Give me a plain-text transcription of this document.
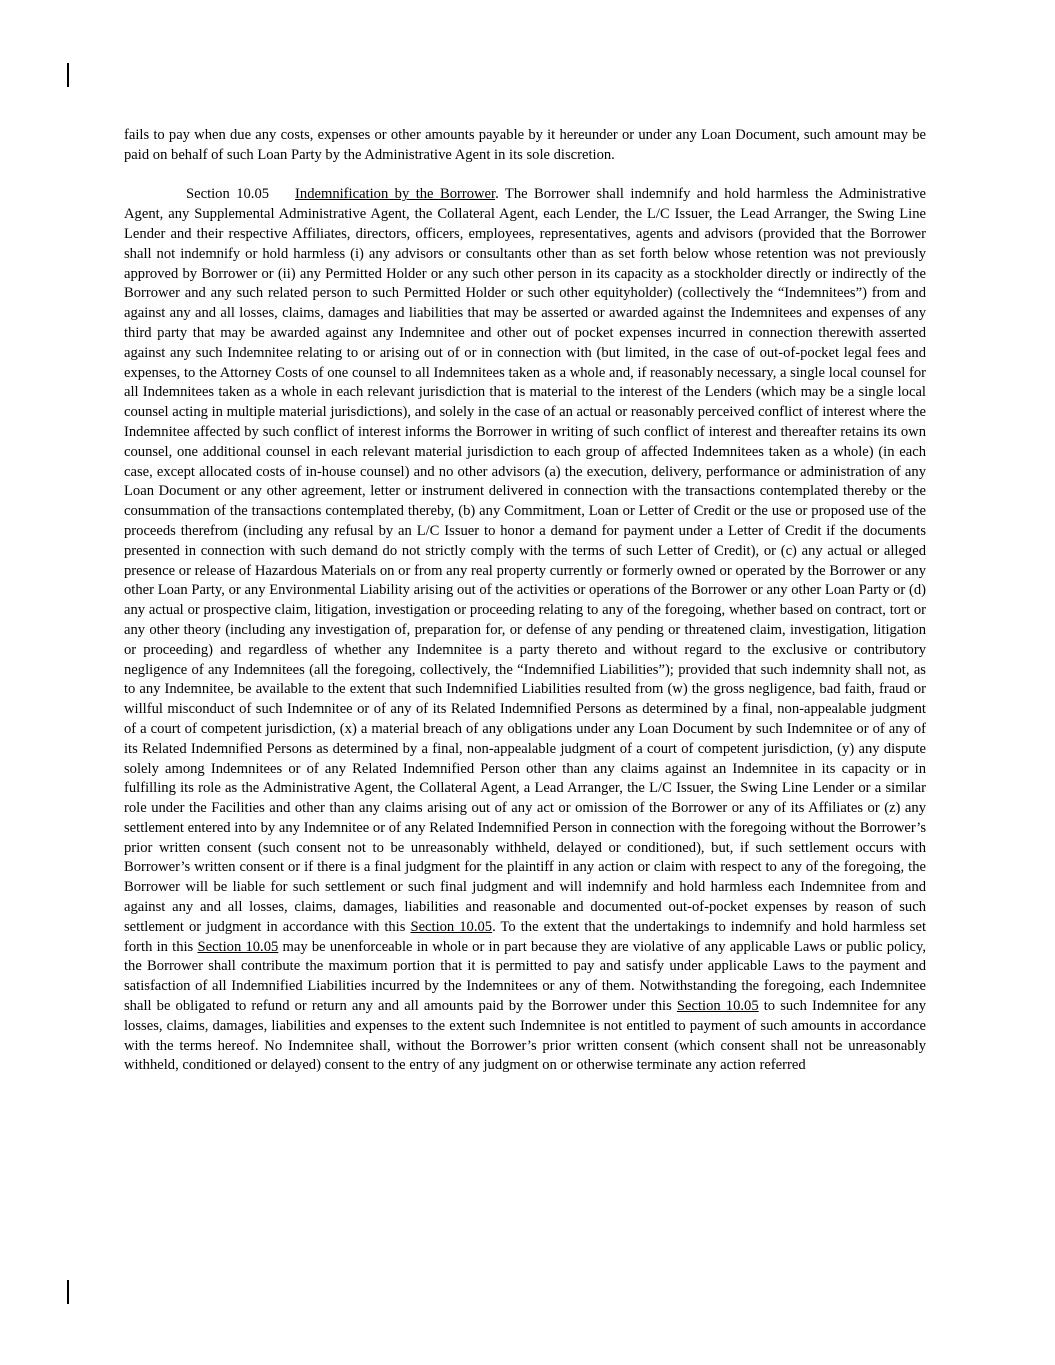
fails to pay when due any costs, expenses or other amounts payable by it hereunder or under any Loan Document, such amount may be paid on behalf of such Loan Party by the Administrative Agent in its sole discretion.

Section 10.05 Indemnification by the Borrower. The Borrower shall indemnify and hold harmless the Administrative Agent, any Supplemental Administrative Agent, the Collateral Agent, each Lender, the L/C Issuer, the Lead Arranger, the Swing Line Lender and their respective Affiliates, directors, officers, employees, representatives, agents and advisors (provided that the Borrower shall not indemnify or hold harmless (i) any advisors or consultants other than as set forth below whose retention was not previously approved by Borrower or (ii) any Permitted Holder or any such other person in its capacity as a stockholder directly or indirectly of the Borrower and any such related person to such Permitted Holder or such other equityholder) (collectively the “Indemnitees”) from and against any and all losses, claims, damages and liabilities that may be asserted or awarded against the Indemnitees and expenses of any third party that may be awarded against any Indemnitee and other out of pocket expenses incurred in connection therewith asserted against any such Indemnitee relating to or arising out of or in connection with (but limited, in the case of out-of-pocket legal fees and expenses, to the Attorney Costs of one counsel to all Indemnitees taken as a whole and, if reasonably necessary, a single local counsel for all Indemnitees taken as a whole in each relevant jurisdiction that is material to the interest of the Lenders (which may be a single local counsel acting in multiple material jurisdictions), and solely in the case of an actual or reasonably perceived conflict of interest where the Indemnitee affected by such conflict of interest informs the Borrower in writing of such conflict of interest and thereafter retains its own counsel, one additional counsel in each relevant material jurisdiction to each group of affected Indemnitees taken as a whole) (in each case, except allocated costs of in-house counsel) and no other advisors (a) the execution, delivery, performance or administration of any Loan Document or any other agreement, letter or instrument delivered in connection with the transactions contemplated thereby or the consummation of the transactions contemplated thereby, (b) any Commitment, Loan or Letter of Credit or the use or proposed use of the proceeds therefrom (including any refusal by an L/C Issuer to honor a demand for payment under a Letter of Credit if the documents presented in connection with such demand do not strictly comply with the terms of such Letter of Credit), or (c) any actual or alleged presence or release of Hazardous Materials on or from any real property currently or formerly owned or operated by the Borrower or any other Loan Party, or any Environmental Liability arising out of the activities or operations of the Borrower or any other Loan Party or (d) any actual or prospective claim, litigation, investigation or proceeding relating to any of the foregoing, whether based on contract, tort or any other theory (including any investigation of, preparation for, or defense of any pending or threatened claim, investigation, litigation or proceeding) and regardless of whether any Indemnitee is a party thereto and without regard to the exclusive or contributory negligence of any Indemnitees (all the foregoing, collectively, the “Indemnified Liabilities”); provided that such indemnity shall not, as to any Indemnitee, be available to the extent that such Indemnified Liabilities resulted from (w) the gross negligence, bad faith, fraud or willful misconduct of such Indemnitee or of any of its Related Indemnified Persons as determined by a final, non-appealable judgment of a court of competent jurisdiction, (x) a material breach of any obligations under any Loan Document by such Indemnitee or of any of its Related Indemnified Persons as determined by a final, non-appealable judgment of a court of competent jurisdiction, (y) any dispute solely among Indemnitees or of any Related Indemnified Person other than any claims against an Indemnitee in its capacity or in fulfilling its role as the Administrative Agent, the Collateral Agent, a Lead Arranger, the L/C Issuer, the Swing Line Lender or a similar role under the Facilities and other than any claims arising out of any act or omission of the Borrower or any of its Affiliates or (z) any settlement entered into by any Indemnitee or of any Related Indemnified Person in connection with the foregoing without the Borrower’s prior written consent (such consent not to be unreasonably withheld, delayed or conditioned), but, if such settlement occurs with Borrower’s written consent or if there is a final judgment for the plaintiff in any action or claim with respect to any of the foregoing, the Borrower will be liable for such settlement or such final judgment and will indemnify and hold harmless each Indemnitee from and against any and all losses, claims, damages, liabilities and reasonable and documented out-of-pocket expenses by reason of such settlement or judgment in accordance with this Section 10.05. To the extent that the undertakings to indemnify and hold harmless set forth in this Section 10.05 may be unenforceable in whole or in part because they are violative of any applicable Laws or public policy, the Borrower shall contribute the maximum portion that it is permitted to pay and satisfy under applicable Laws to the payment and satisfaction of all Indemnified Liabilities incurred by the Indemnitees or any of them. Notwithstanding the foregoing, each Indemnitee shall be obligated to refund or return any and all amounts paid by the Borrower under this Section 10.05 to such Indemnitee for any losses, claims, damages, liabilities and expenses to the extent such Indemnitee is not entitled to payment of such amounts in accordance with the terms hereof. No Indemnitee shall, without the Borrower’s prior written consent (which consent shall not be unreasonably withheld, conditioned or delayed) consent to the entry of any judgment on or otherwise terminate any action referred
